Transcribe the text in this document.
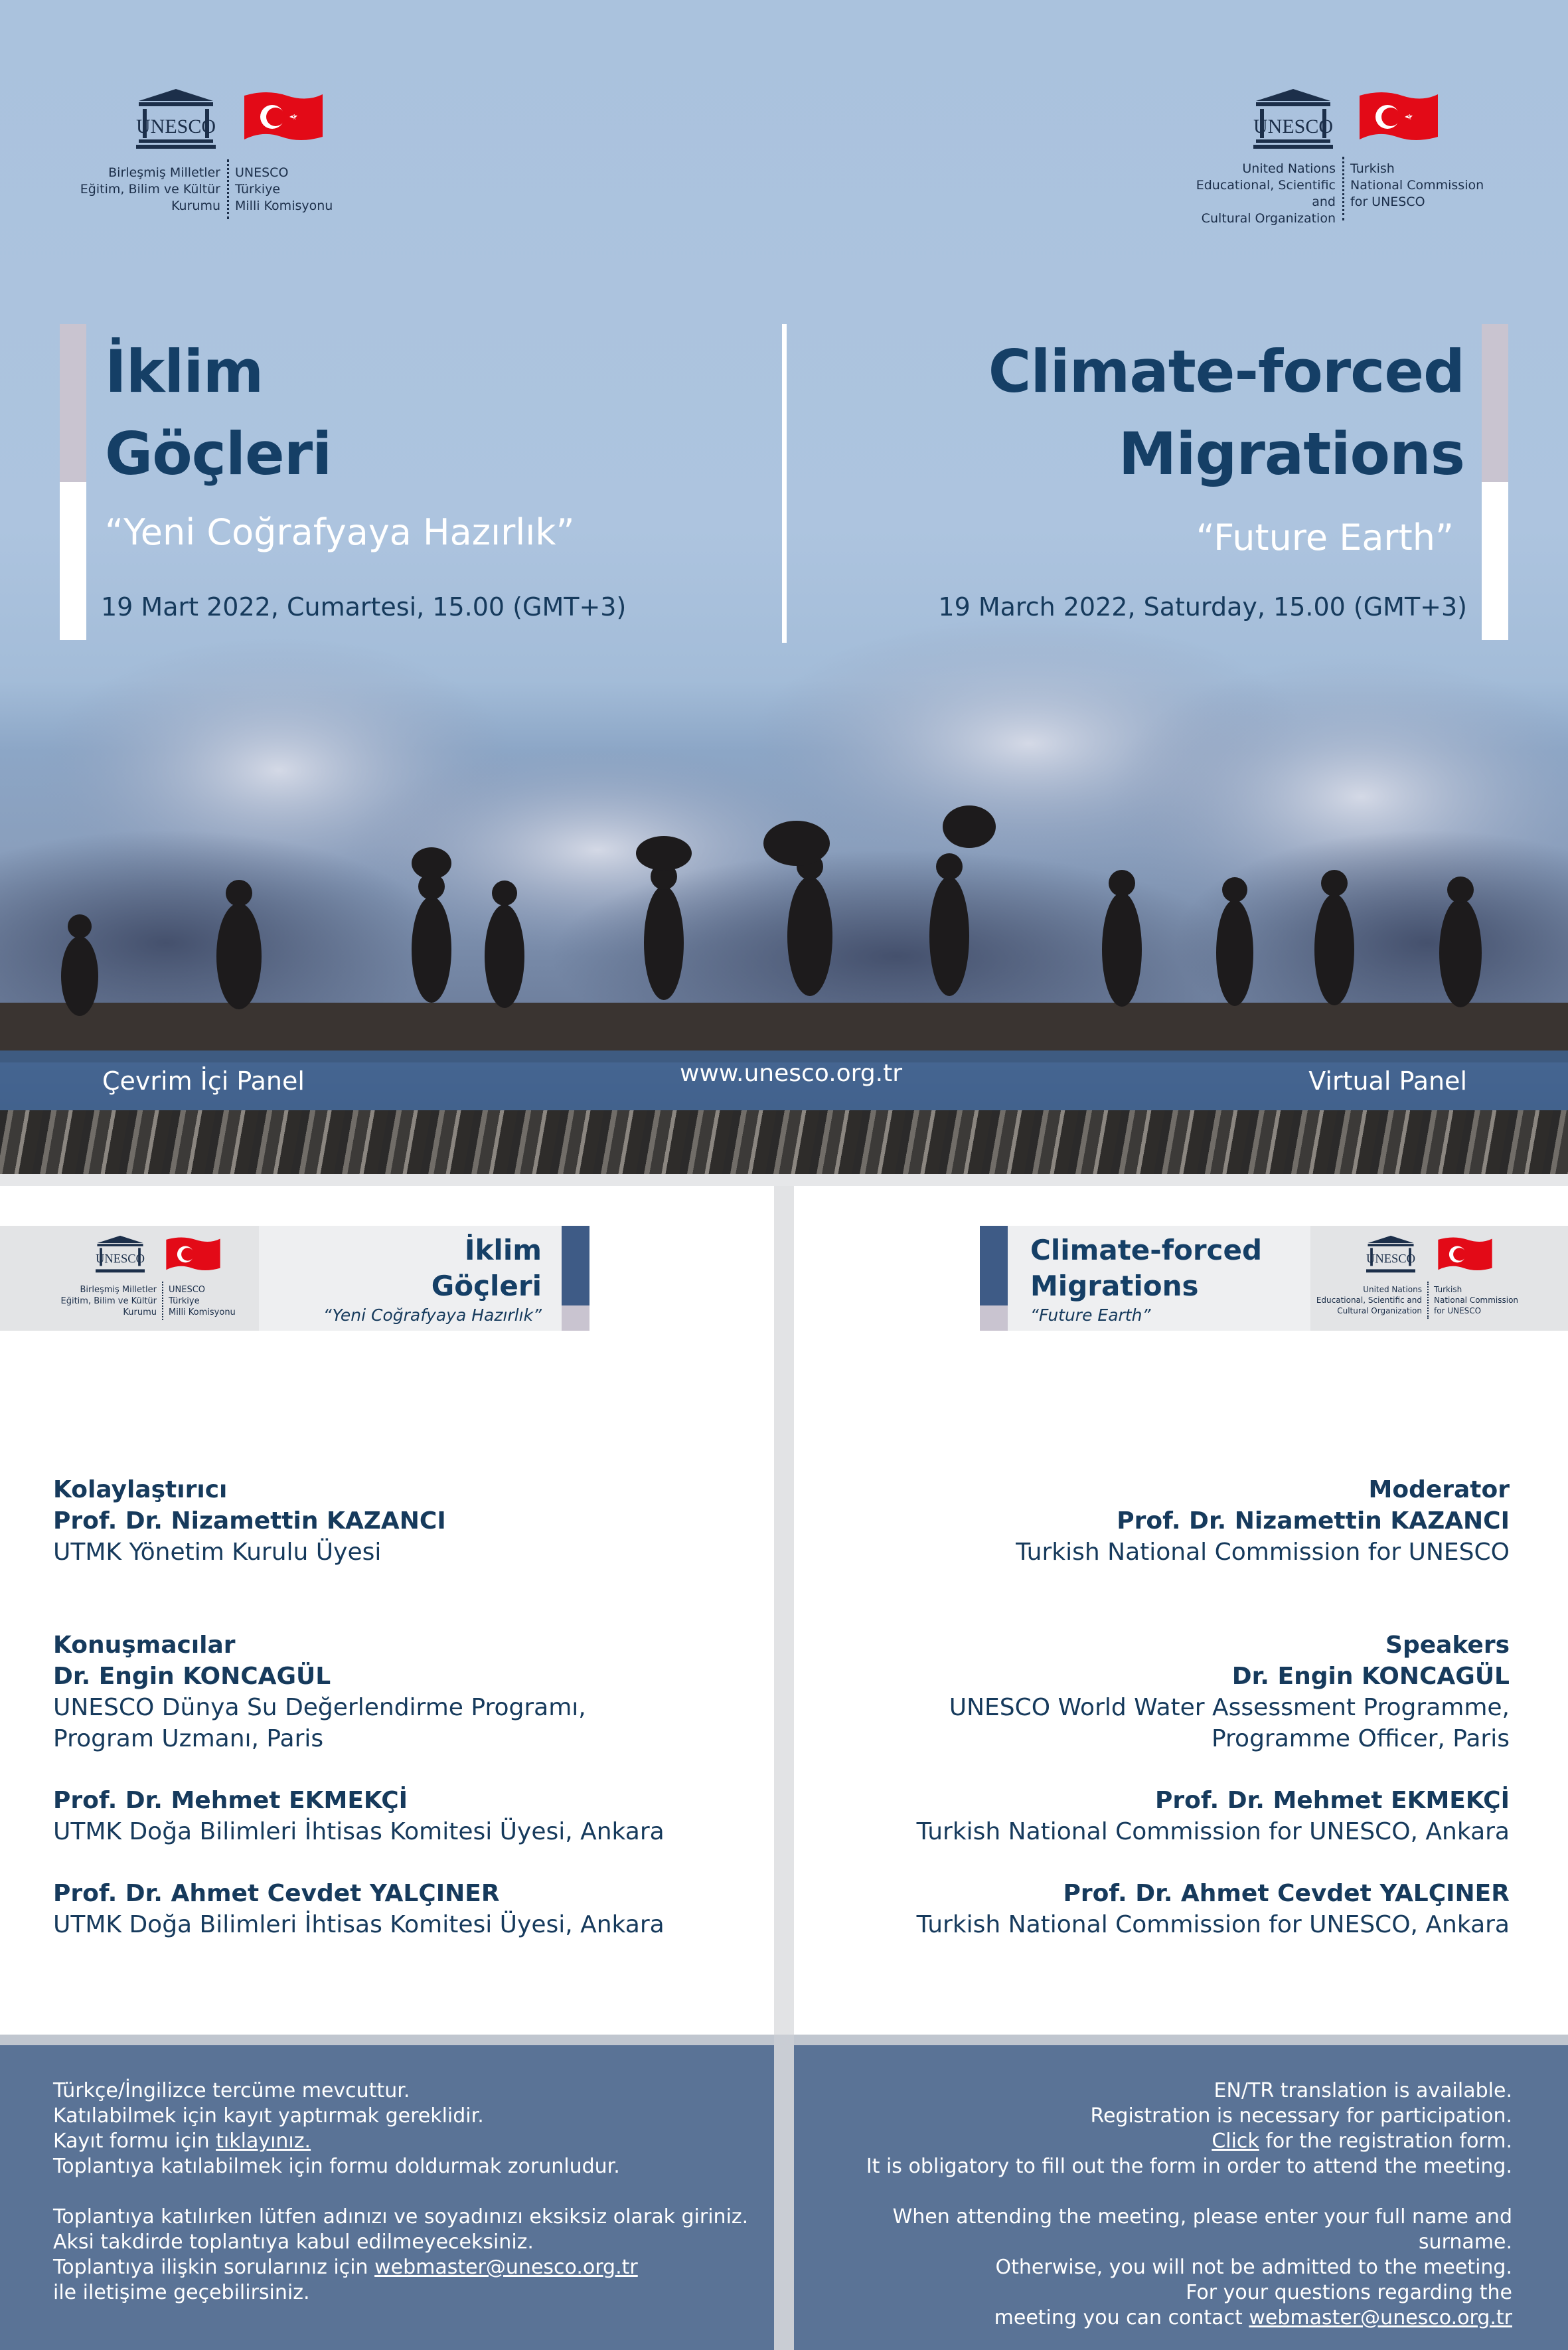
UNESCO
Birleşmiş Milletler
Eğitim, Bilim ve Kültür
Kurumu
UNESCO
Türkiye
Milli Komisyonu
UNESCO
United Nations
Educational, Scientific and
Cultural Organization
Turkish
National Commission
for UNESCO
İklim
Göçleri
“Yeni Coğrafyaya Hazırlık”
19 Mart 2022, Cumartesi, 15.00 (GMT+3)
Climate-forced
Migrations
“Future Earth”
19 March 2022, Saturday, 15.00 (GMT+3)
Çevrim İçi Panel	www.unesco.org.tr	Virtual Panel
UNESCO
Birleşmiş Milletler
Eğitim, Bilim ve Kültür
Kurumu
UNESCO
Türkiye
Milli Komisyonu
İklim
Göçleri
“Yeni Coğrafyaya Hazırlık”
Kolaylaştırıcı
Prof. Dr. Nizamettin KAZANCI
UTMK Yönetim Kurulu Üyesi
Konuşmacılar
Dr. Engin KONCAGÜL
UNESCO Dünya Su Değerlendirme Programı,
Program Uzmanı, Paris
Prof. Dr. Mehmet EKMEKÇİ
UTMK Doğa Bilimleri İhtisas Komitesi Üyesi, Ankara
Prof. Dr. Ahmet Cevdet YALÇINER
UTMK Doğa Bilimleri İhtisas Komitesi Üyesi, Ankara
Climate-forced
Migrations
“Future Earth”
UNESCO
United Nations
Educational, Scientific and
Cultural Organization
Turkish
National Commission
for UNESCO
Moderator
Prof. Dr. Nizamettin KAZANCI
Turkish National Commission for UNESCO
Speakers
Dr. Engin KONCAGÜL
UNESCO World Water Assessment Programme,
Programme Officer, Paris
Prof. Dr. Mehmet EKMEKÇİ
Turkish National Commission for UNESCO, Ankara
Prof. Dr. Ahmet Cevdet YALÇINER
Turkish National Commission for UNESCO, Ankara
Türkçe/İngilizce tercüme mevcuttur.
Katılabilmek için kayıt yaptırmak gereklidir.
Kayıt formu için tıklayınız.
Toplantıya katılabilmek için formu doldurmak zorunludur.
Toplantıya katılırken lütfen adınızı ve soyadınızı eksiksiz olarak giriniz.
Aksi takdirde toplantıya kabul edilmeyeceksiniz.
Toplantıya ilişkin sorularınız için webmaster@unesco.org.tr
ile iletişime geçebilirsiniz.
EN/TR translation is available.
Registration is necessary for participation.
Click for the registration form.
It is obligatory to fill out the form in order to attend the meeting.
When attending the meeting, please enter your full name and surname.
Otherwise, you will not be admitted to the meeting.
For your questions regarding the
meeting you can contact webmaster@unesco.org.tr
